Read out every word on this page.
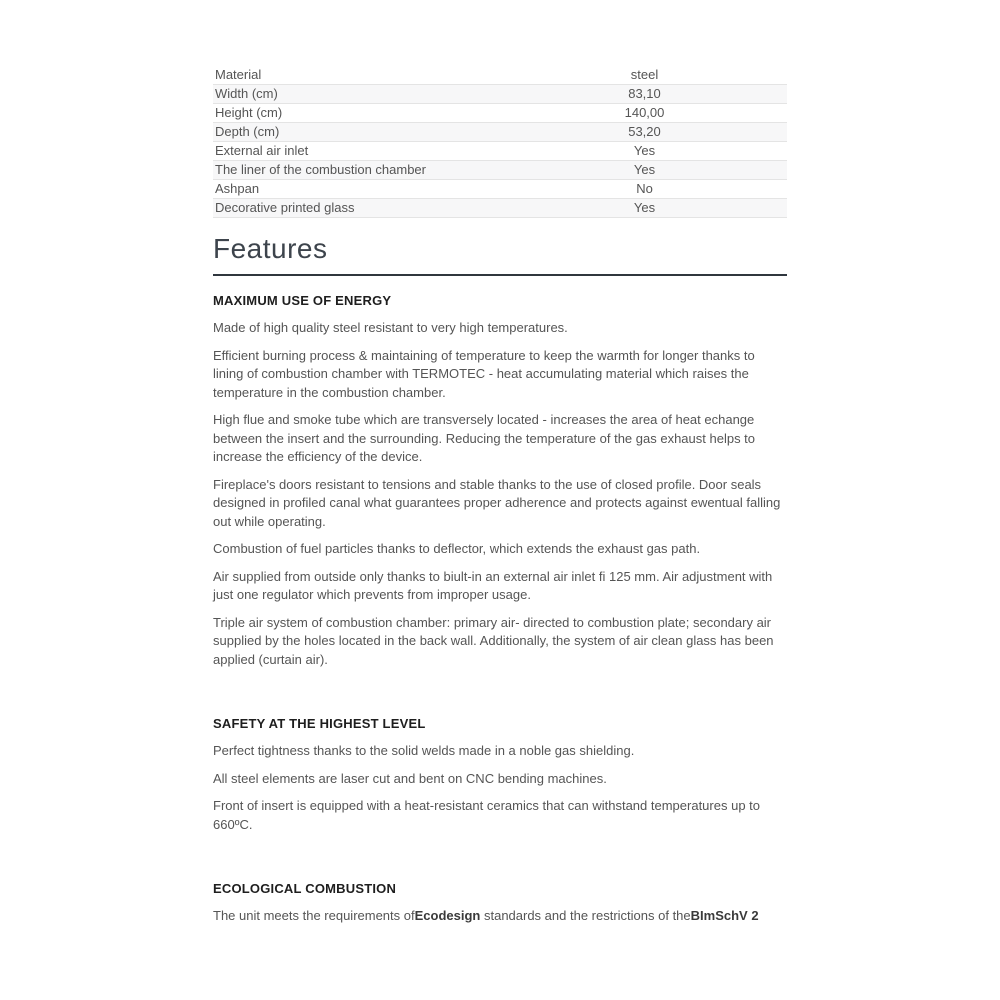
Material	steel
Width (cm)	83,10
Height (cm)	140,00
Depth (cm)	53,20
External air inlet	Yes
The liner of the combustion chamber	Yes
Ashpan	No
Decorative printed glass	Yes
Features
MAXIMUM USE OF ENERGY

Made of high quality steel resistant to very high temperatures.

Efficient burning process & maintaining of temperature to keep the warmth for longer thanks to lining of combustion chamber with TERMOTEC - heat accumulating material which raises the temperature in the combustion chamber.

High flue and smoke tube which are transversely located - increases the area of heat echange between the insert and the surrounding. Reducing the temperature of the gas exhaust helps to increase the efficiency of the device.

Fireplace's doors resistant to tensions and stable thanks to the use of closed profile. Door seals designed in profiled canal what guarantees proper adherence and protects against ewentual falling out while operating.

Combustion of fuel particles thanks to deflector, which extends the exhaust gas path.

Air supplied from outside only thanks to biult-in an external air inlet fi 125 mm. Air adjustment with just one regulator which prevents from improper usage.

Triple air system of combustion chamber: primary air- directed to combustion plate; secondary air supplied by the holes located in the back wall. Additionally, the system of air clean glass has been applied (curtain air).

SAFETY AT THE HIGHEST LEVEL

Perfect tightness thanks to the solid welds made in a noble gas shielding.

All steel elements are laser cut and bent on CNC bending machines.

Front of insert is equipped with a heat-resistant ceramics that can withstand temperatures up to 660ºC.

ECOLOGICAL COMBUSTION

The unit meets the requirements ofEcodesign standards and the restrictions of theBImSchV 2
